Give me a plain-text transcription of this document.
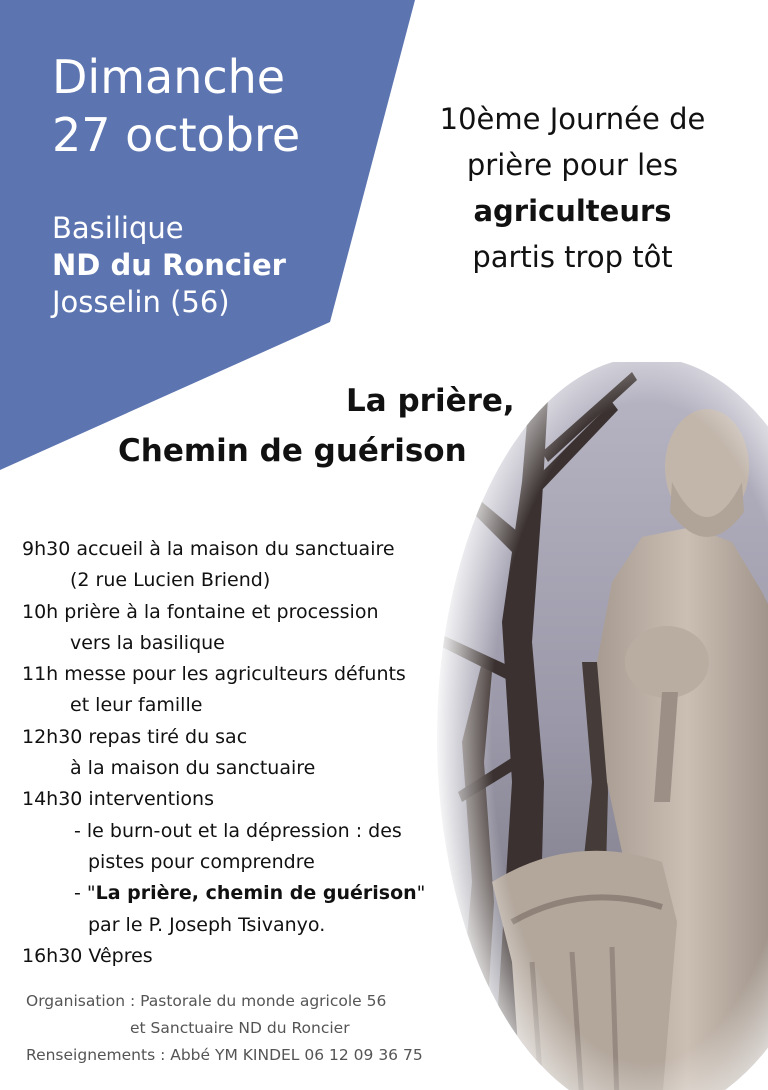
Dimanche
27 octobre
Basilique
ND du Roncier
Josselin (56)
10ème Journée de
prière pour les
agriculteurs
partis trop tôt
La prière,
Chemin de guérison
9h30 accueil à la maison du sanctuaire
(2 rue Lucien Briend)
10h prière à la fontaine et procession
vers la basilique
11h messe pour les agriculteurs défunts
et leur famille
12h30 repas tiré du sac
à la maison du sanctuaire
14h30 interventions
- le burn-out et la dépression : des
pistes pour comprendre
- "La prière, chemin de guérison"
par le P. Joseph Tsivanyo.
16h30 Vêpres
Organisation : Pastorale du monde agricole 56
et Sanctuaire ND du Roncier
Renseignements : Abbé YM KINDEL 06 12 09 36 75
